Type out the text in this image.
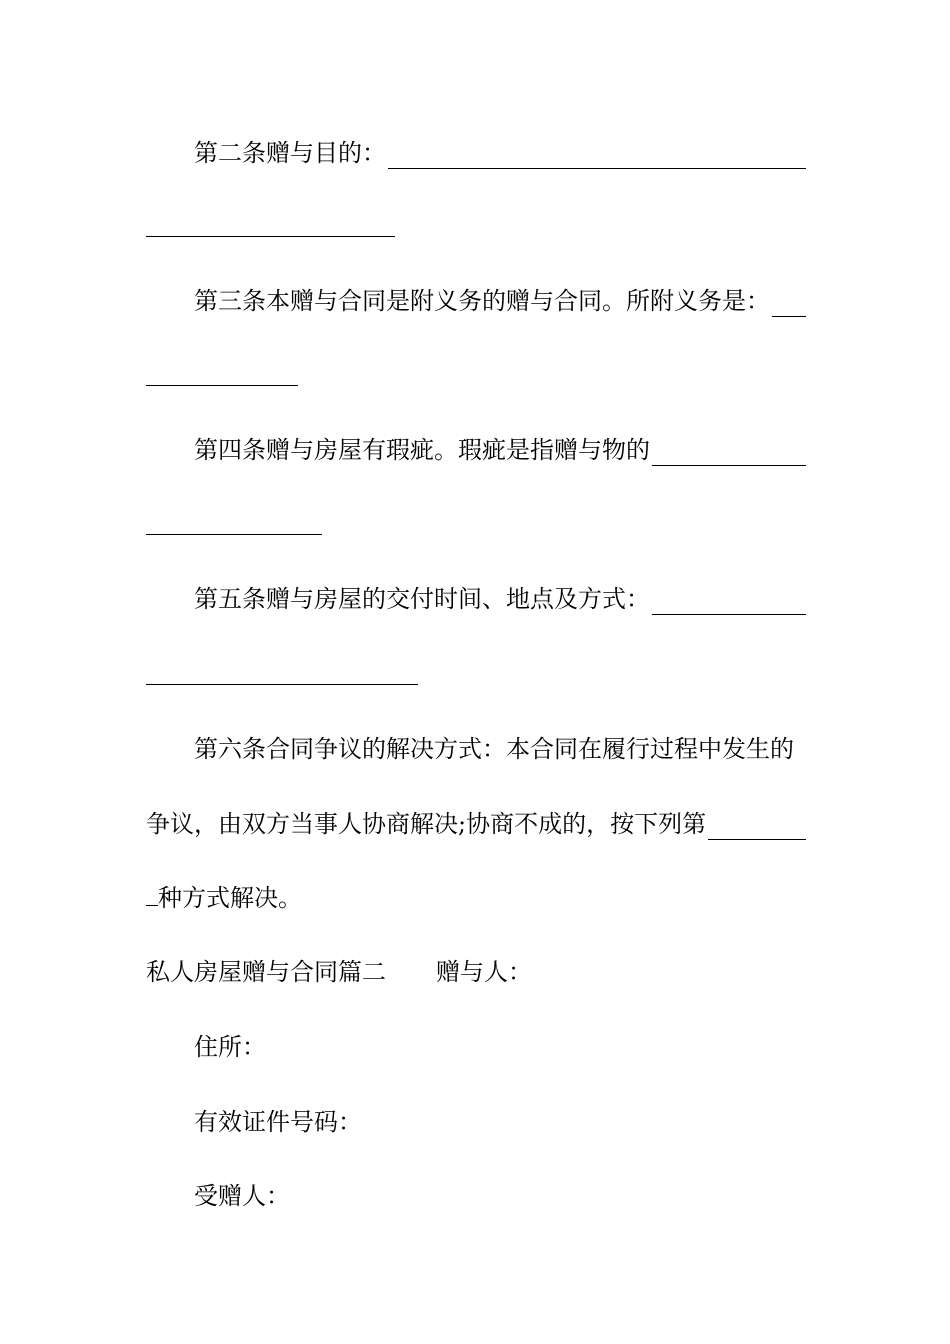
第二条赠与目的：
第三条本赠与合同是附义务的赠与合同。所附义务是：
第四条赠与房屋有瑕疵。瑕疵是指赠与物的
第五条赠与房屋的交付时间、地点及方式：
第六条合同争议的解决方式：本合同在履行过程中发生的
争议，由双方当事人协商解决;协商不成的，按下列第
种方式解决。
私人房屋赠与合同篇二 赠与人：
住所：
有效证件号码：
受赠人：
